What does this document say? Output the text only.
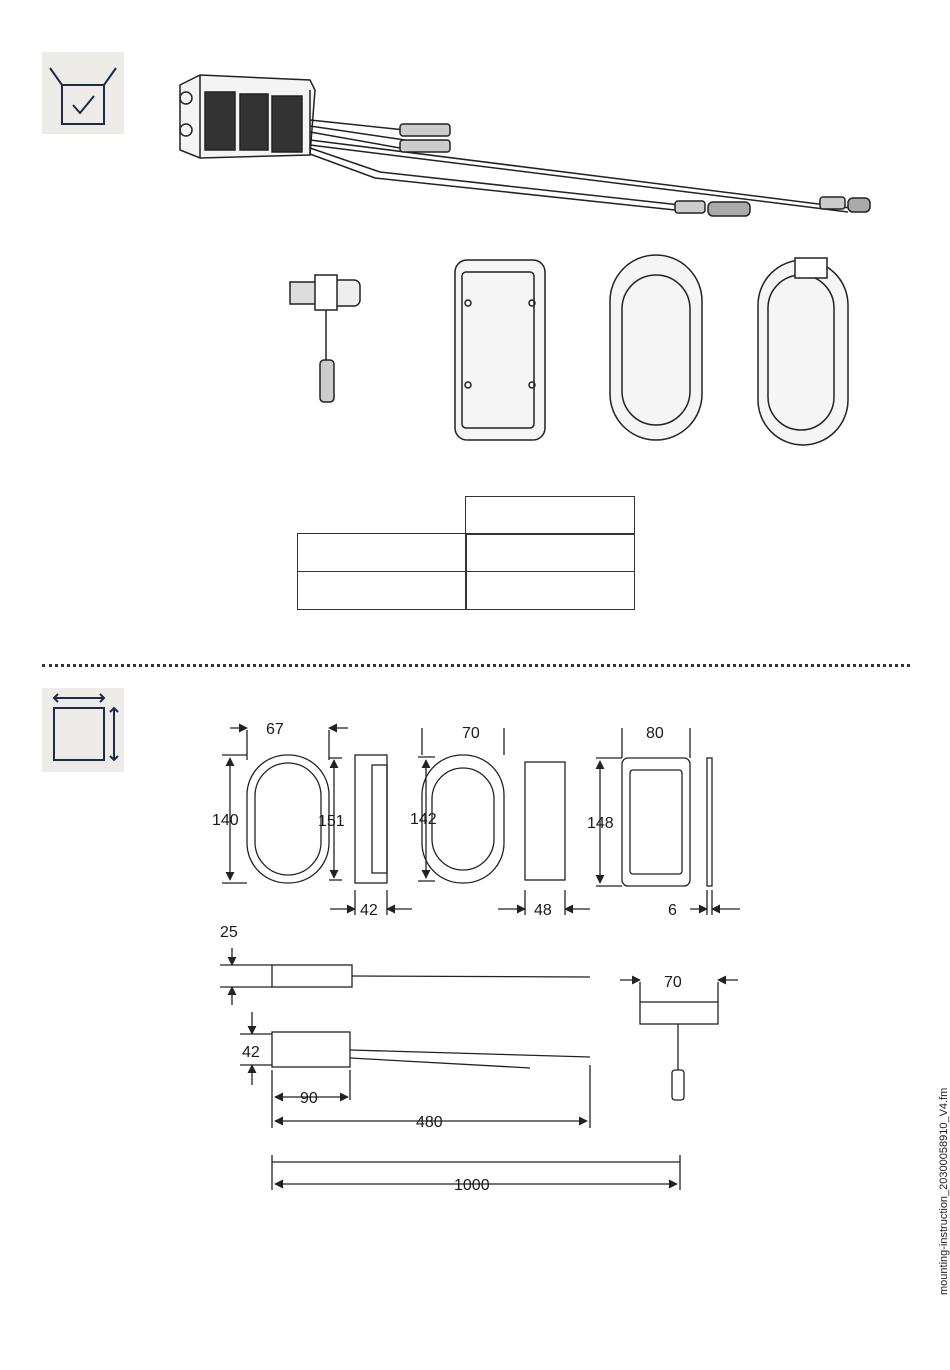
67
140	151
42
70
142
48
80
148
6
25
42
90
480
70
1000	mounting-instruction_20300058910_V4.fm
